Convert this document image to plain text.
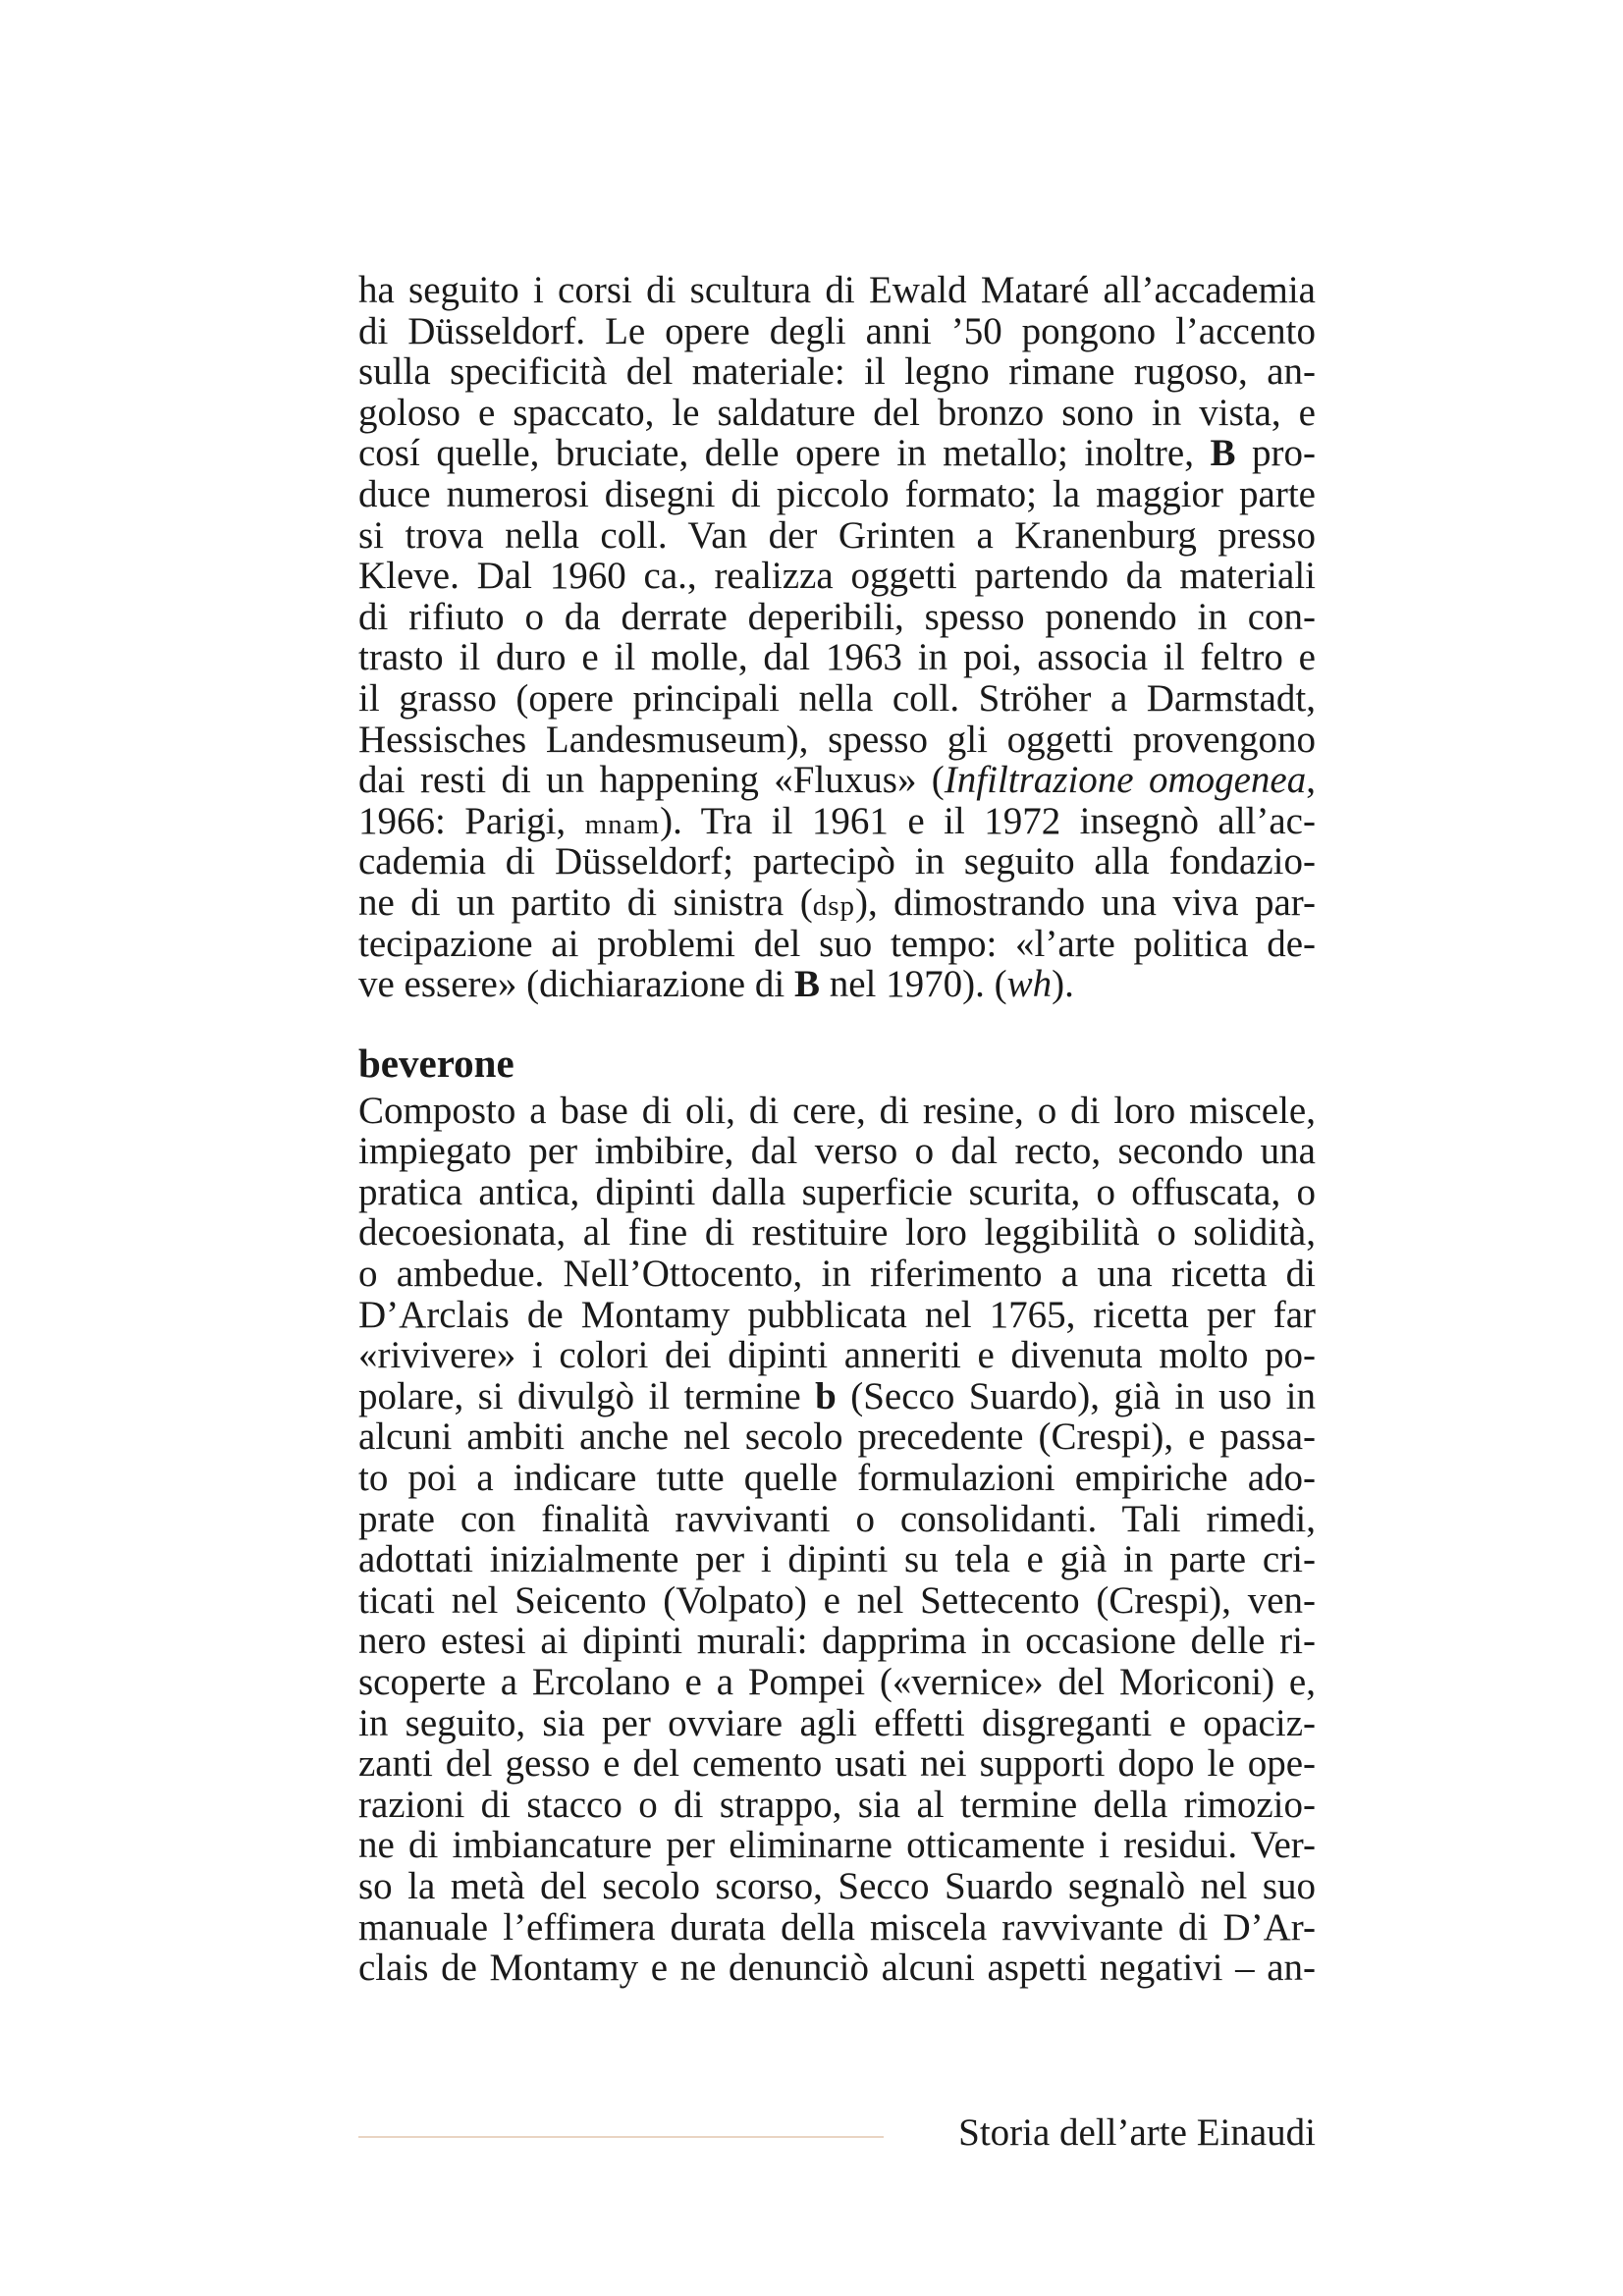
ha seguito i corsi di scultura di Ewald Mataré all’accademia
di Düsseldorf. Le opere degli anni ’50 pongono l’accento
sulla specificità del materiale: il legno rimane rugoso, an-
goloso e spaccato, le saldature del bronzo sono in vista, e
cosí quelle, bruciate, delle opere in metallo; inoltre, B pro-
duce numerosi disegni di piccolo formato; la maggior parte
si trova nella coll. Van der Grinten a Kranenburg presso
Kleve. Dal 1960 ca., realizza oggetti partendo da materiali
di rifiuto o da derrate deperibili, spesso ponendo in con-
trasto il duro e il molle, dal 1963 in poi, associa il feltro e
il grasso (opere principali nella coll. Ströher a Darmstadt,
Hessisches Landesmuseum), spesso gli oggetti provengono
dai resti di un happening «Fluxus» (Infiltrazione omogenea,
1966: Parigi, mnam). Tra il 1961 e il 1972 insegnò all’ac-
cademia di Düsseldorf; partecipò in seguito alla fondazio-
ne di un partito di sinistra (dsp), dimostrando una viva par-
tecipazione ai problemi del suo tempo: «l’arte politica de-
ve essere» (dichiarazione di B nel 1970). (wh).
beverone
Composto a base di oli, di cere, di resine, o di loro miscele,
impiegato per imbibire, dal verso o dal recto, secondo una
pratica antica, dipinti dalla superficie scurita, o offuscata, o
decoesionata, al fine di restituire loro leggibilità o solidità,
o ambedue. Nell’Ottocento, in riferimento a una ricetta di
D’Arclais de Montamy pubblicata nel 1765, ricetta per far
«rivivere» i colori dei dipinti anneriti e divenuta molto po-
polare, si divulgò il termine b (Secco Suardo), già in uso in
alcuni ambiti anche nel secolo precedente (Crespi), e passa-
to poi a indicare tutte quelle formulazioni empiriche ado-
prate con finalità ravvivanti o consolidanti. Tali rimedi,
adottati inizialmente per i dipinti su tela e già in parte cri-
ticati nel Seicento (Volpato) e nel Settecento (Crespi), ven-
nero estesi ai dipinti murali: dapprima in occasione delle ri-
scoperte a Ercolano e a Pompei («vernice» del Moriconi) e,
in seguito, sia per ovviare agli effetti disgreganti e opaciz-
zanti del gesso e del cemento usati nei supporti dopo le ope-
razioni di stacco o di strappo, sia al termine della rimozio-
ne di imbiancature per eliminarne otticamente i residui. Ver-
so la metà del secolo scorso, Secco Suardo segnalò nel suo
manuale l’effimera durata della miscela ravvivante di D’Ar-
clais de Montamy e ne denunciò alcuni aspetti negativi – an-
Storia dell’arte Einaudi
